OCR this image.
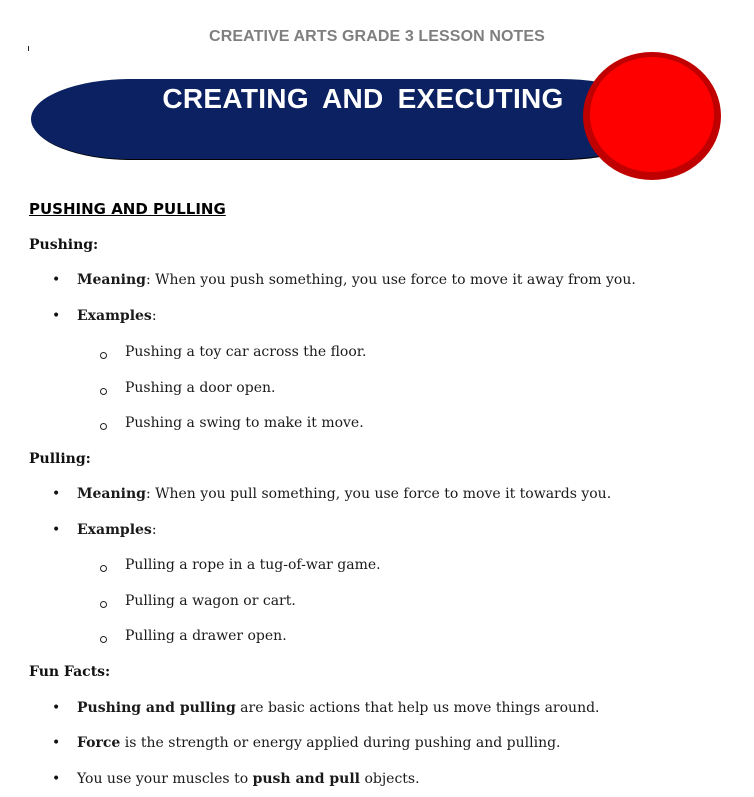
CREATIVE ARTS GRADE 3 LESSON NOTES
CREATING AND EXECUTING
PUSHING AND PULLING
Pushing:
• Meaning: When you push something, you use force to move it away from you.
• Examples:
Pushing a toy car across the floor.
Pushing a door open.
Pushing a swing to make it move.
Pulling:
• Meaning: When you pull something, you use force to move it towards you.
• Examples:
Pulling a rope in a tug-of-war game.
Pulling a wagon or cart.
Pulling a drawer open.
Fun Facts:
• Pushing and pulling are basic actions that help us move things around.
• Force is the strength or energy applied during pushing and pulling.
• You use your muscles to push and pull objects.
